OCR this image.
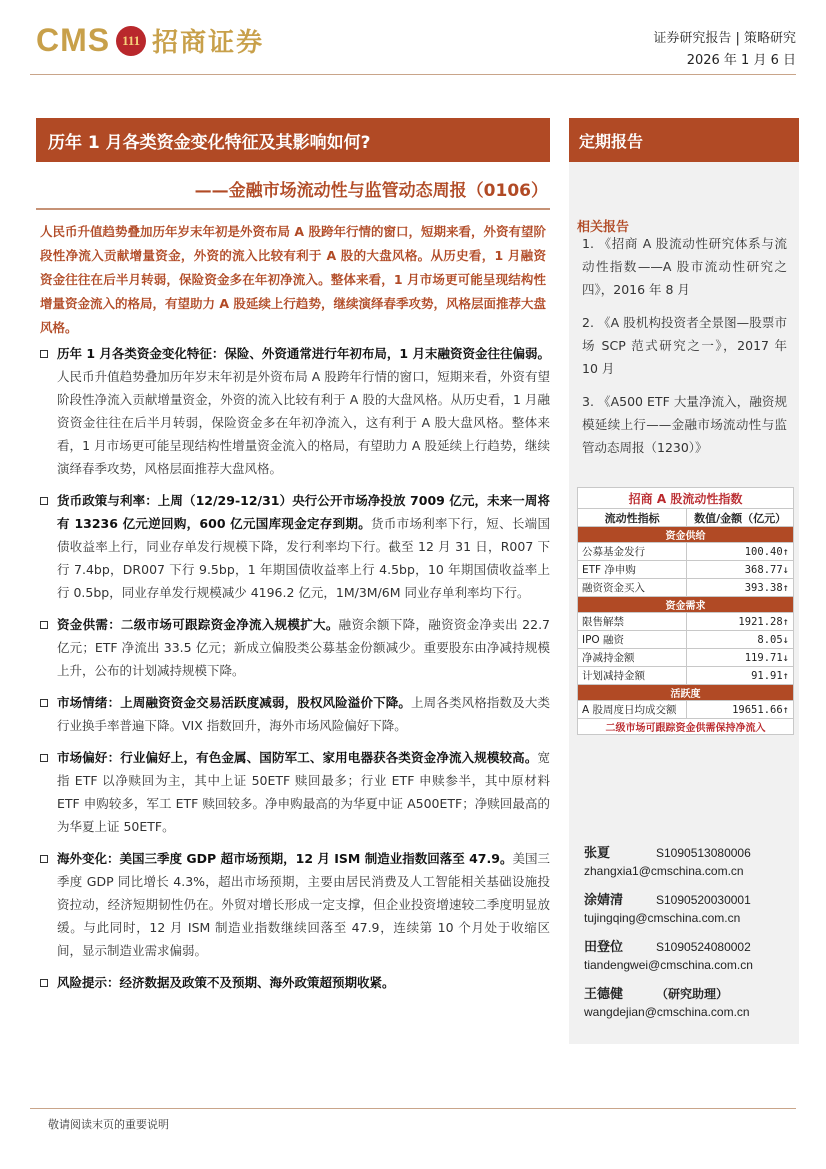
CMS 111 招商证券	证券研究报告 | 策略研究
2026 年 1 月 6 日
历年 1 月各类资金变化特征及其影响如何?
——金融市场流动性与监管动态周报（0106）
定期报告
人民币升值趋势叠加历年岁末年初是外资布局 A 股跨年行情的窗口，短期来看，外资有望阶段性净流入贡献增量资金，外资的流入比较有利于 A 股的大盘风格。从历史看，1 月融资资金往往在后半月转弱，保险资金多在年初净流入。整体来看，1 月市场更可能呈现结构性增量资金流入的格局，有望助力 A 股延续上行趋势，继续演绎春季攻势，风格层面推荐大盘风格。
历年 1 月各类资金变化特征：保险、外资通常进行年初布局，1 月末融资资金往往偏弱。人民币升值趋势叠加历年岁末年初是外资布局 A 股跨年行情的窗口，短期来看，外资有望阶段性净流入贡献增量资金，外资的流入比较有利于 A 股的大盘风格。从历史看，1 月融资资金往往在后半月转弱，保险资金多在年初净流入，这有利于 A 股大盘风格。整体来看，1 月市场更可能呈现结构性增量资金流入的格局，有望助力 A 股延续上行趋势，继续演绎春季攻势，风格层面推荐大盘风格。
货币政策与利率：上周（12/29-12/31）央行公开市场净投放 7009 亿元，未来一周将有 13236 亿元逆回购，600 亿元国库现金定存到期。货币市场利率下行，短、长端国债收益率上行，同业存单发行规模下降，发行利率均下行。截至 12 月 31 日，R007 下行 7.4bp，DR007 下行 9.5bp，1 年期国债收益率上行 4.5bp，10 年期国债收益率上行 0.5bp，同业存单发行规模减少 4196.2 亿元，1M/3M/6M 同业存单利率均下行。
资金供需：二级市场可跟踪资金净流入规模扩大。融资余额下降，融资资金净卖出 22.7 亿元；ETF 净流出 33.5 亿元；新成立偏股类公募基金份额减少。重要股东由净减持规模上升，公布的计划减持规模下降。
市场情绪：上周融资资金交易活跃度减弱，股权风险溢价下降。上周各类风格指数及大类行业换手率普遍下降。VIX 指数回升，海外市场风险偏好下降。
市场偏好：行业偏好上，有色金属、国防军工、家用电器获各类资金净流入规模较高。宽指 ETF 以净赎回为主，其中上证 50ETF 赎回最多；行业 ETF 申赎参半，其中原材料 ETF 申购较多，军工 ETF 赎回较多。净申购最高的为华夏中证 A500ETF；净赎回最高的为华夏上证 50ETF。
海外变化：美国三季度 GDP 超市场预期，12 月 ISM 制造业指数回落至 47.9。美国三季度 GDP 同比增长 4.3%，超出市场预期，主要由居民消费及人工智能相关基础设施投资拉动，经济短期韧性仍在。外贸对增长形成一定支撑，但企业投资增速较二季度明显放缓。与此同时，12 月 ISM 制造业指数继续回落至 47.9，连续第 10 个月处于收缩区间，显示制造业需求偏弱。
风险提示：经济数据及政策不及预期、海外政策超预期收紧。
相关报告
1. 《招商 A 股流动性研究体系与流动性指数——A 股市流动性研究之四》，2016 年 8 月
2. 《A 股机构投资者全景图—股票市场 SCP 范式研究之一》，2017 年 10 月
3. 《A500 ETF 大量净流入，融资规模延续上行——金融市场流动性与监管动态周报（1230）》
招商 A 股流动性指数	
流动性指标	数值/金额（亿元）
资金供给	
公募基金发行	100.40↑
ETF 净申购	368.77↓
融资资金买入	393.38↑
资金需求	
限售解禁	1921.28↑
IPO 融资	8.05↓
净减持金额	119.71↓
计划减持金额	91.91↑
活跃度	
A 股周度日均成交额	19651.66↑
二级市场可跟踪资金供需保持净流入	
张夏	S1090513080006
zhangxia1@cmschina.com.cn
涂婧清	S1090520030001
tujingqing@cmschina.com.cn
田登位	S1090524080002
tiandengwei@cmschina.com.cn
王德健	（研究助理）
wangdejian@cmschina.com.cn
敬请阅读末页的重要说明
